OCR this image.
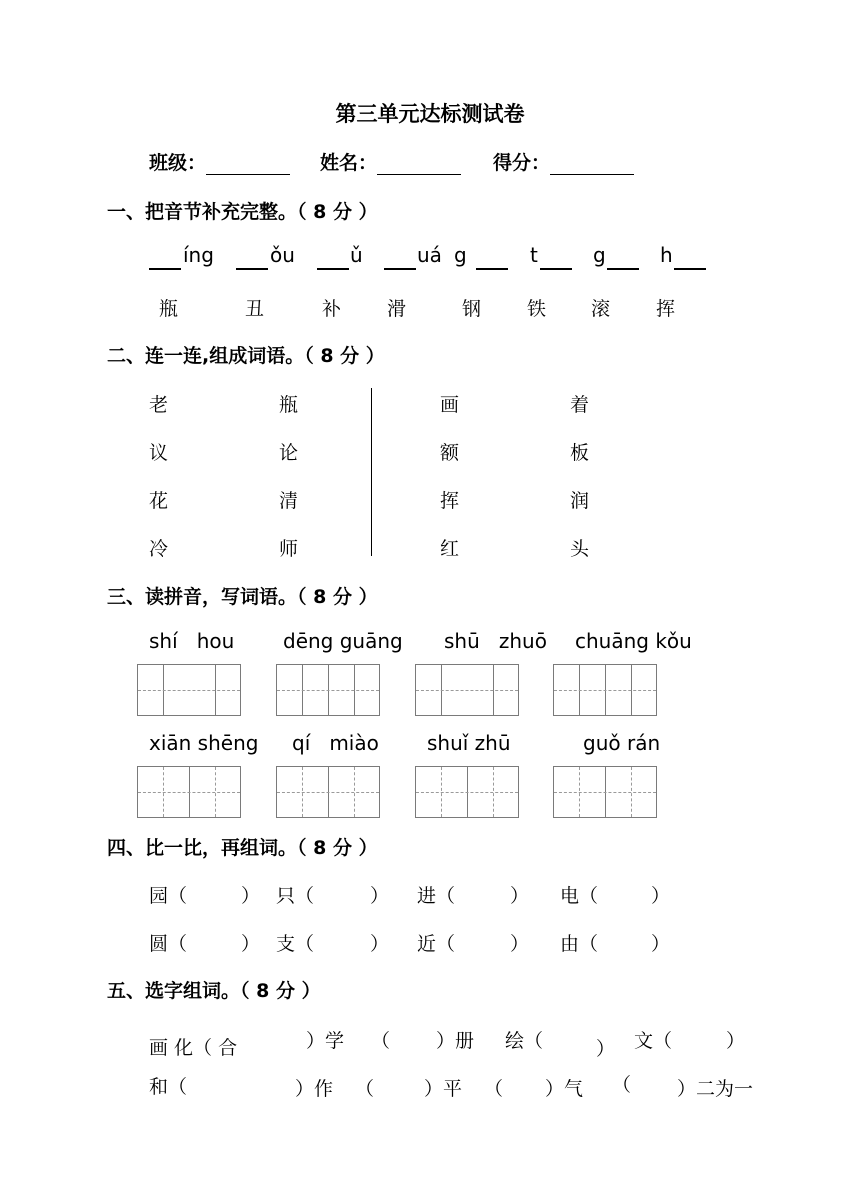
第三单元达标测试卷
班级：	姓名：	得分：
一、把音节补充完整。（ 8 分 ）
íng	ǒu	ǔ	uá g	t	g	h
瓶	丑	补 滑	钢 铁 滚 挥
二、连一连,组成词语。（ 8 分 ）
老	瓶	画	着
议	论	额	板
花	清	挥	润
冷	师	红	头
三、读拼音，写词语。（ 8 分 ）
shí   hou dēng guāng shū   zhuō chuāng kǒu
xiān shēng qí   miào shuǐ zhū	guǒ rán
四、比一比，再组词。（ 8 分 ）
园（	） 只（	） 进（	） 电（	）
圆（	） 支（	） 近（	） 由（	）
五、选字组词。（ 8 分 ）
画 化（ 合	）学 （ ）册 绘（	） 文（	）
和（	）作 （	）平 （ ）气 （ ）二为一
